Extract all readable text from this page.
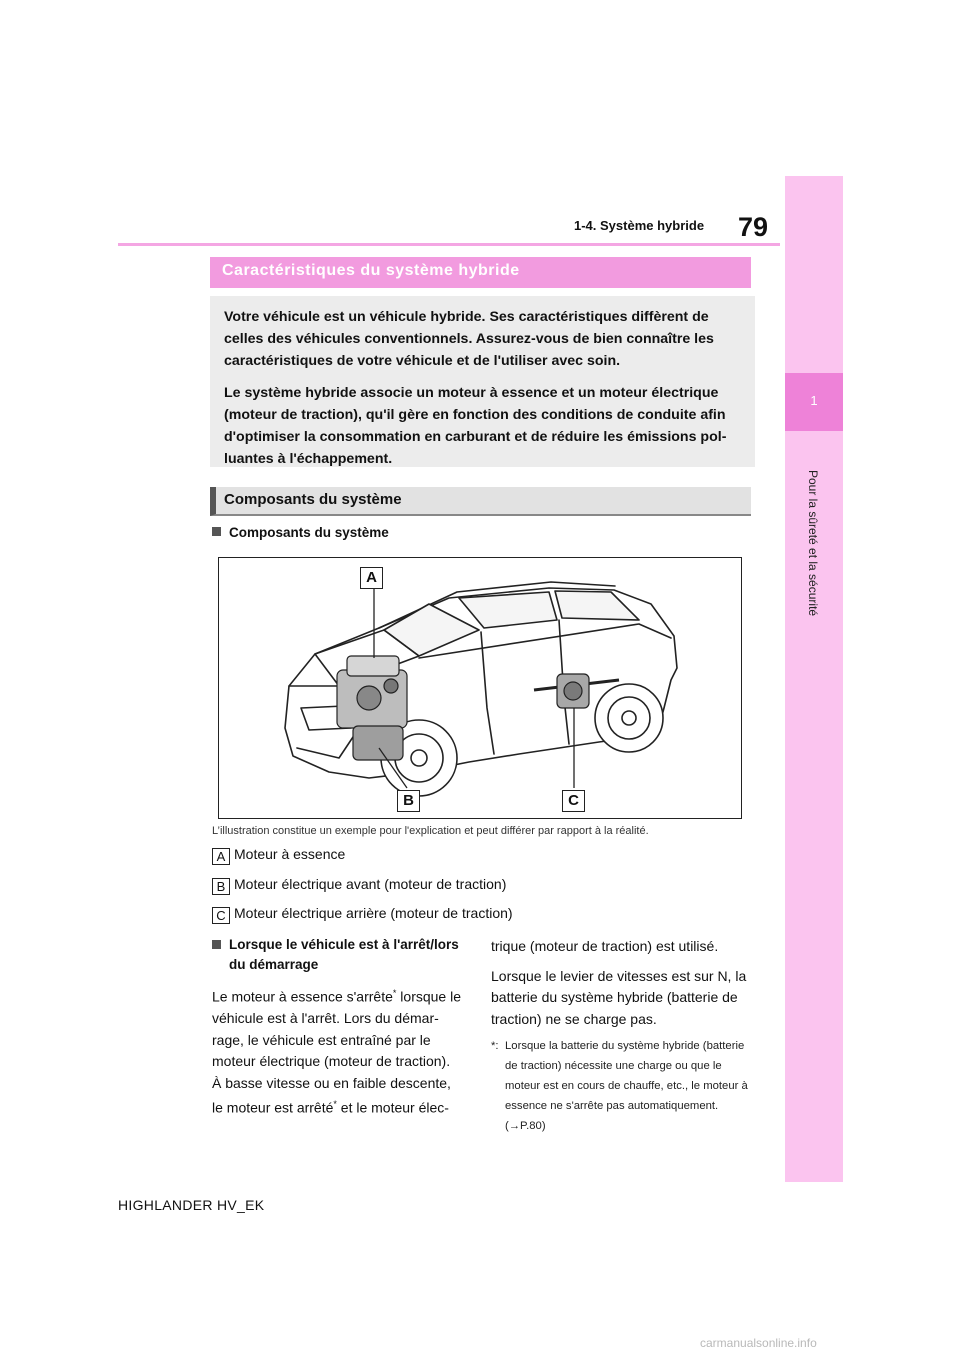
79
1-4. Système hybride
1
Pour la sûreté et la sécurité
Caractéristiques du système hybride

Votre véhicule est un véhicule hybride. Ses caractéristiques diffèrent de celles des véhicules conventionnels. Assurez-vous de bien connaître les caractéristiques de votre véhicule et de l'utiliser avec soin.

Le système hybride associe un moteur à essence et un moteur électrique (moteur de traction), qu'il gère en fonction des conditions de conduite afin d'optimiser la consommation en carburant et de réduire les émissions pol-luantes à l'échappement.

Composants du système
Composants du système
A
B	C
L’illustration constitue un exemple pour l'explication et peut différer par rapport à la réalité.
A Moteur à essence
B Moteur électrique avant (moteur de traction)
C Moteur électrique arrière (moteur de traction)
Lorsque le véhicule est à l'arrêt/lors du démarrage
Le moteur à essence s'arrête* lorsque le véhicule est à l'arrêt. Lors du démar-rage, le véhicule est entraîné par le moteur électrique (moteur de traction). À basse vitesse ou en faible descente, le moteur est arrêté* et le moteur élec-
trique (moteur de traction) est utilisé.
Lorsque le levier de vitesses est sur N, la batterie du système hybride (batterie de traction) ne se charge pas.
*: Lorsque la batterie du système hybride (batterie de traction) nécessite une charge ou que le moteur est en cours de chauffe, etc., le moteur à essence ne s'arrête pas automatiquement. (→P.80)
HIGHLANDER HV_EK
carmanualsonline.info
